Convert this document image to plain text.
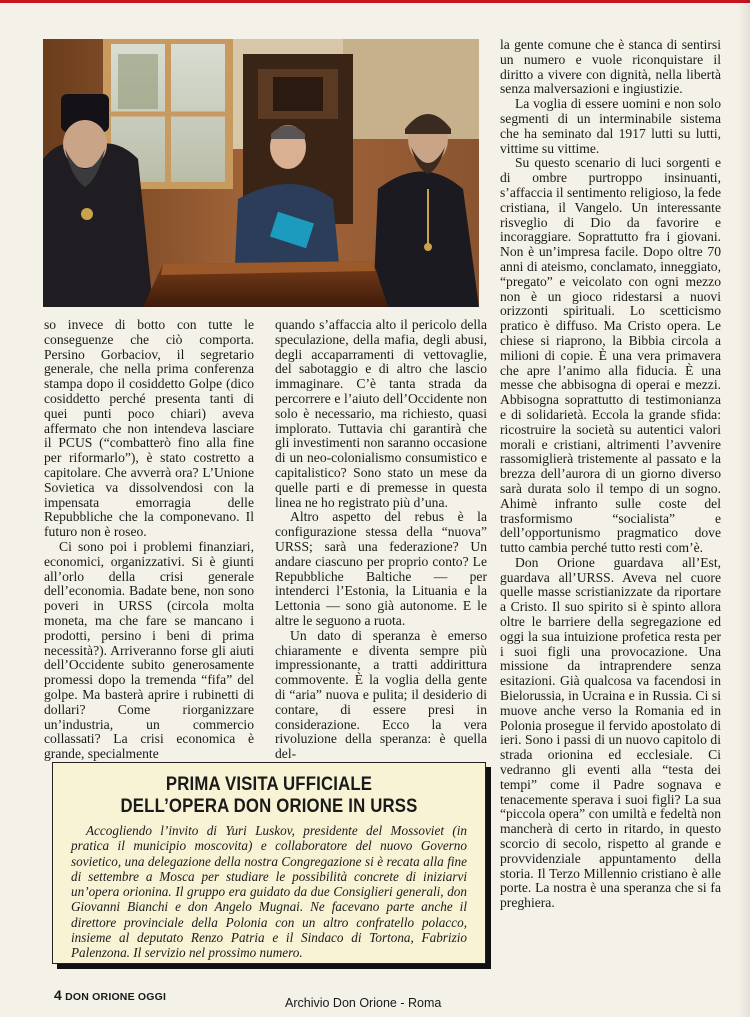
so invece di botto con tutte le conseguenze che ciò comporta. Persino Gorbaciov, il segretario generale, che nella prima conferenza stampa dopo il cosiddetto Golpe (dico cosiddetto perché presenta tanti di quei punti poco chiari) aveva affermato che non intendeva lasciare il PCUS (“combatterò fino alla fine per riformarlo”), è stato costretto a capitolare. Che avverrà ora? L’Unione Sovietica va dissolvendosi con la impensata emorragia delle Repubbliche che la componevano. Il futuro non è roseo.

Ci sono poi i problemi finanziari, economici, organizzativi. Si è giunti all’orlo della crisi generale dell’economia. Badate bene, non sono poveri in URSS (circola molta moneta, ma che fare se mancano i prodotti, persino i beni di prima necessità?). Arriveranno forse gli aiuti dell’Occidente subito generosamente promessi dopo la tremenda “fifa” del golpe. Ma basterà aprire i rubinetti di dollari? Come riorganizzare un’industria, un commercio collassati? La crisi economica è grande, specialmente

quando s’affaccia alto il pericolo della speculazione, della mafia, degli abusi, degli accaparramenti di vettovaglie, del sabotaggio e di altro che lascio immaginare. C’è tanta strada da percorrere e l’aiuto dell’Occidente non solo è necessario, ma richiesto, quasi implorato. Tuttavia chi garantirà che gli investimenti non saranno occasione di un neo-colonialismo consumistico e capitalistico? Sono stato un mese da quelle parti e di premesse in questa linea ne ho registrato più d’una.

Altro aspetto del rebus è la configurazione stessa della “nuova” URSS; sarà una federazione? Un andare ciascuno per proprio conto? Le Repubbliche Baltiche — per intenderci l’Estonia, la Lituania e la Lettonia — sono già autonome. E le altre le seguono a ruota.

Un dato di speranza è emerso chiaramente e diventa sempre più impressionante, a tratti addirittura commovente. È la voglia della gente di “aria” nuova e pulita; il desiderio di contare, di essere presi in considerazione. Ecco la vera rivoluzione della speranza: è quella del-

la gente comune che è stanca di sentirsi un numero e vuole riconquistare il diritto a vivere con dignità, nella libertà senza malversazioni e ingiustizie.

La voglia di essere uomini e non solo segmenti di un interminabile sistema che ha seminato dal 1917 lutti su lutti, vittime su vittime.

Su questo scenario di luci sorgenti e di ombre purtroppo insinuanti, s’affaccia il sentimento religioso, la fede cristiana, il Vangelo. Un interessante risveglio di Dio da favorire e incoraggiare. Soprattutto fra i giovani. Non è un’impresa facile. Dopo oltre 70 anni di ateismo, conclamato, inneggiato, “pregato” e veicolato con ogni mezzo non è un gioco ridestarsi a nuovi orizzonti spirituali. Lo scetticismo pratico è diffuso. Ma Cristo opera. Le chiese si riaprono, la Bibbia circola a milioni di copie. È una vera primavera che apre l’animo alla fiducia. È una messe che abbisogna di operai e mezzi. Abbisogna soprattutto di testimonianza e di solidarietà. Eccola la grande sfida: ricostruire la società su autentici valori morali e cristiani, altrimenti l’avvenire rassomiglierà tristemente al passato e la brezza dell’aurora di un giorno diverso sarà durata solo il tempo di un sogno. Ahimè infranto sulle coste del trasformismo “socialista” e dell’opportunismo pragmatico dove tutto cambia perché tutto resti com’è.

Don Orione guardava all’Est, guardava all’URSS. Aveva nel cuore quelle masse scristianizzate da riportare a Cristo. Il suo spirito si è spinto allora oltre le barriere della segregazione ed oggi la sua intuizione profetica resta per i suoi figli una provocazione. Una missione da intraprendere senza esitazioni. Già qualcosa va facendosi in Bielorussia, in Ucraina e in Russia. Ci si muove anche verso la Romania ed in Polonia prosegue il fervido apostolato di ieri. Sono i passi di un nuovo capitolo di strada orionina ed ecclesiale. Ci vedranno gli eventi alla “testa dei tempi” come il Padre sognava e tenacemente sperava i suoi figli? La sua “piccola opera” con umiltà e fedeltà non mancherà di certo in ritardo, in questo scorcio di secolo, rispetto al grande e provvidenziale appuntamento della storia. Il Terzo Millennio cristiano è alle porte. La nostra è una speranza che si fa preghiera.

PRIMA VISITA UFFICIALE
DELL’OPERA DON ORIONE IN URSS

Accogliendo l’invito di Yuri Luskov, presidente del Mossoviet (in pratica il municipio moscovita) e collaboratore del nuovo Governo sovietico, una delegazione della nostra Congregazione si è recata alla fine di settembre a Mosca per studiare le possibilità concrete di iniziarvi un’opera orionina. Il gruppo era guidato da due Consiglieri generali, don Giovanni Bianchi e don Angelo Mugnai. Ne facevano parte anche il direttore provinciale della Polonia con un altro confratello polacco, insieme al deputato Renzo Patria e il Sindaco di Tortona, Fabrizio Palenzona. Il servizio nel prossimo numero.

4 DON ORIONE OGGI	Archivio Don Orione - Roma
